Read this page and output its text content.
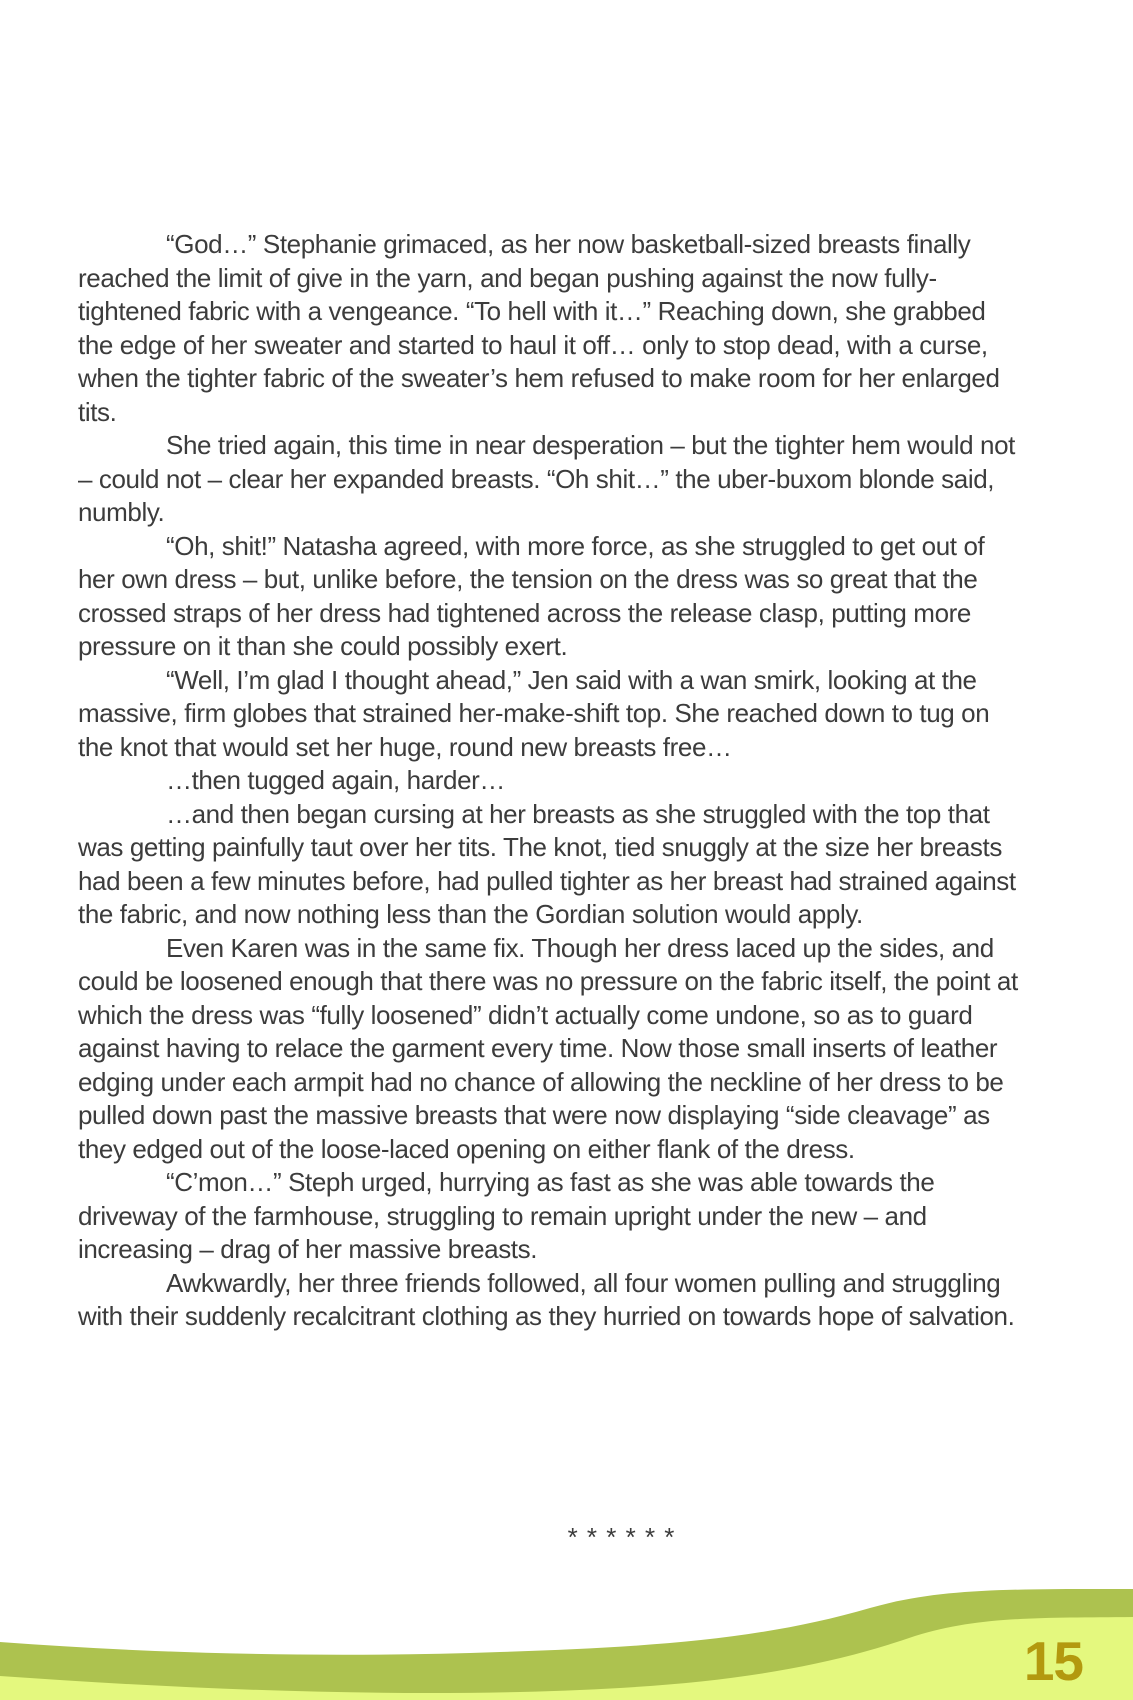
“God…” Stephanie grimaced, as her now basketball-sized breasts finally reached the limit of give in the yarn, and began pushing against the now fully-tightened fabric with a vengeance. “To hell with it…” Reaching down, she grabbed the edge of her sweater and started to haul it off… only to stop dead, with a curse, when the tighter fabric of the sweater’s hem refused to make room for her enlarged tits.

She tried again, this time in near desperation – but the tighter hem would not – could not – clear her expanded breasts. “Oh shit…” the uber-buxom blonde said, numbly.

“Oh, shit!” Natasha agreed, with more force, as she struggled to get out of her own dress – but, unlike before, the tension on the dress was so great that the crossed straps of her dress had tightened across the release clasp, putting more pressure on it than she could possibly exert.

“Well, I’m glad I thought ahead,” Jen said with a wan smirk, looking at the massive, firm globes that strained her-make-shift top. She reached down to tug on the knot that would set her huge, round new breasts free…

…then tugged again, harder…

…and then began cursing at her breasts as she struggled with the top that was getting painfully taut over her tits. The knot, tied snuggly at the size her breasts had been a few minutes before, had pulled tighter as her breast had strained against the fabric, and now nothing less than the Gordian solution would apply.

Even Karen was in the same fix. Though her dress laced up the sides, and could be loosened enough that there was no pressure on the fabric itself, the point at which the dress was “fully loosened” didn’t actually come undone, so as to guard against having to relace the garment every time. Now those small inserts of leather edging under each armpit had no chance of allowing the neckline of her dress to be pulled down past the massive breasts that were now displaying “side cleavage” as they edged out of the loose-laced opening on either flank of the dress.

“C’mon…” Steph urged, hurrying as fast as she was able towards the driveway of the farmhouse, struggling to remain upright under the new – and increasing – drag of her massive breasts.

Awkwardly, her three friends followed, all four women pulling and struggling with their suddenly recalcitrant clothing as they hurried on towards hope of salvation.

* * * * * *
15
